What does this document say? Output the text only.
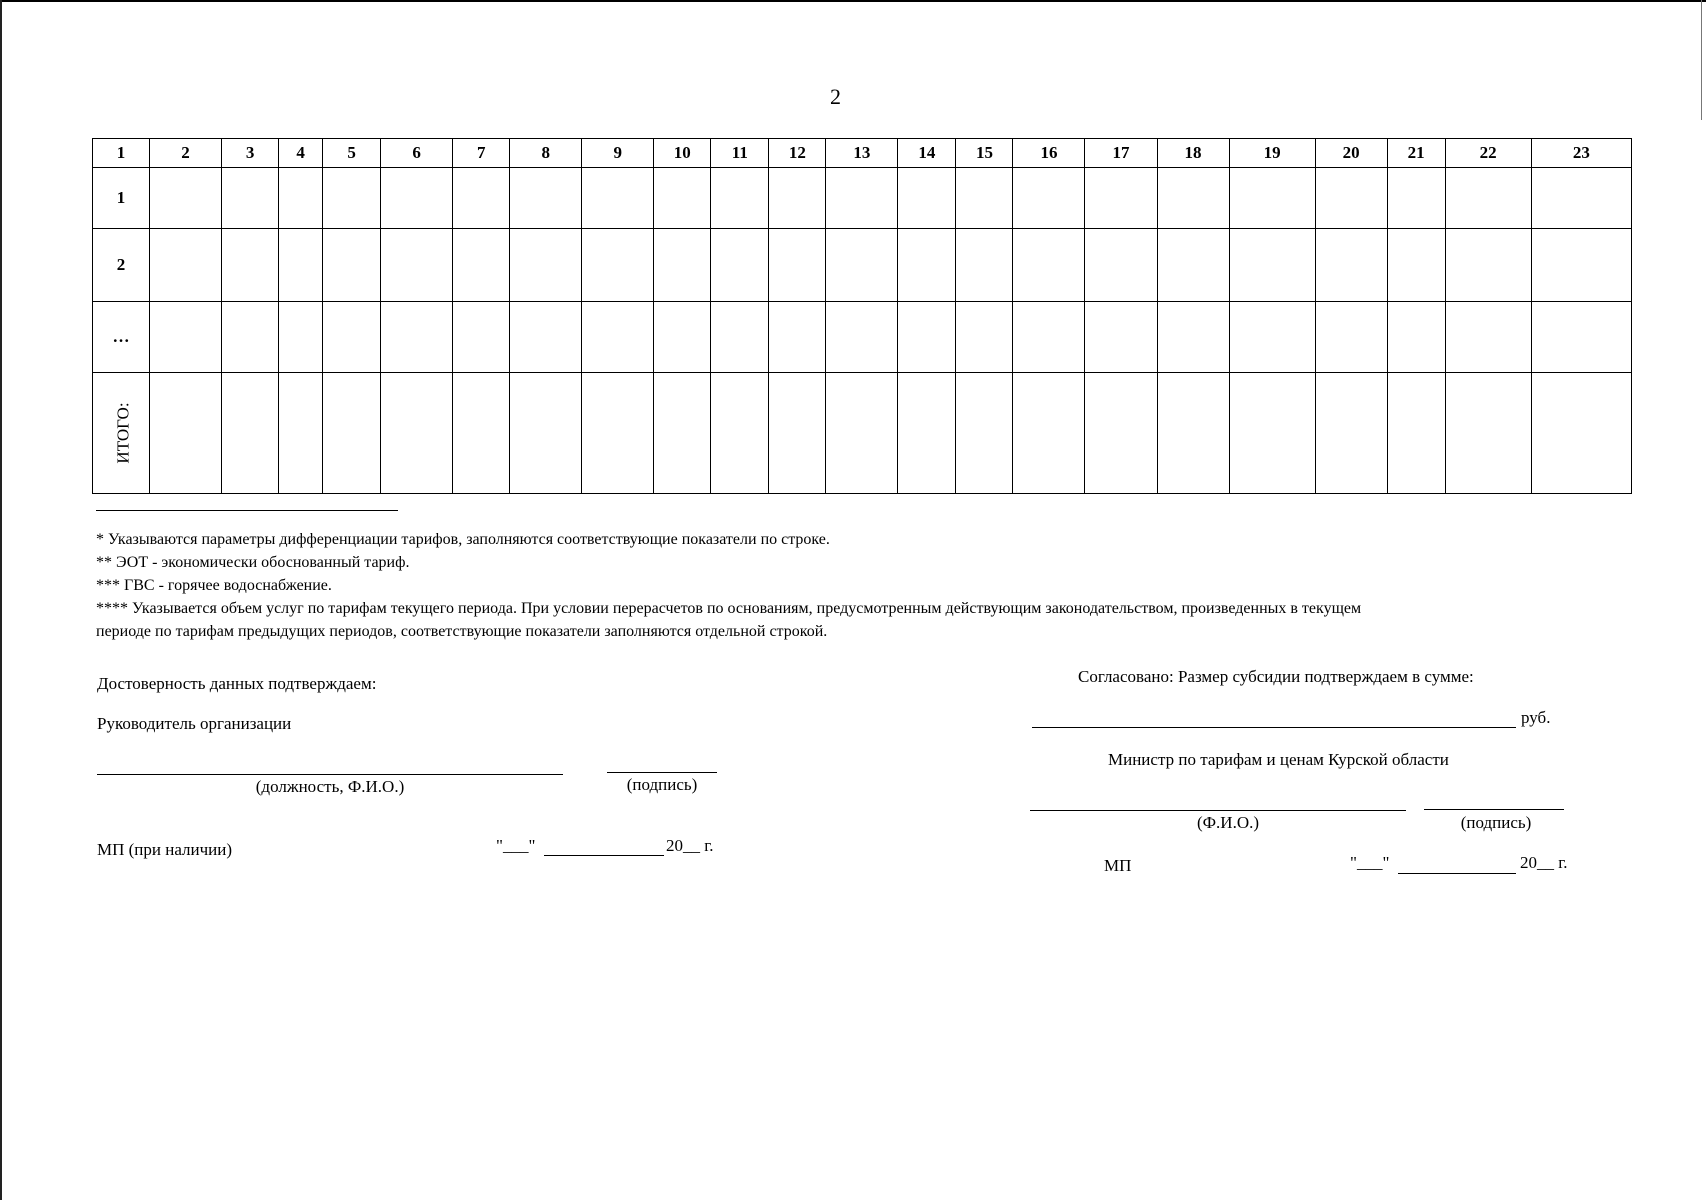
2
1	2	3	4	5	6	7	8	9	10	11	12	13	14	15	16	17	18	19	20	21	22	23
1																						
2																						
…																						
ИТОГО:																						
* Указываются параметры дифференциации тарифов, заполняются соответствующие показатели по строке.
** ЭОТ - экономически обоснованный тариф.
*** ГВС - горячее водоснабжение.
**** Указывается объем услуг по тарифам текущего периода. При условии перерасчетов по основаниям, предусмотренным действующим законодательством, произведенных в текущем
периоде по тарифам предыдущих периодов, соответствующие показатели заполняются отдельной строкой.
Достоверность данных подтверждаем:
Руководитель организации
(должность, Ф.И.О.)	(подпись)
МП (при наличии)	"___"	20__ г.
Согласовано: Размер субсидии подтверждаем в сумме:
руб.
Министр по тарифам и ценам Курской области
(Ф.И.О.)	(подпись)
МП	"___"	20__ г.
